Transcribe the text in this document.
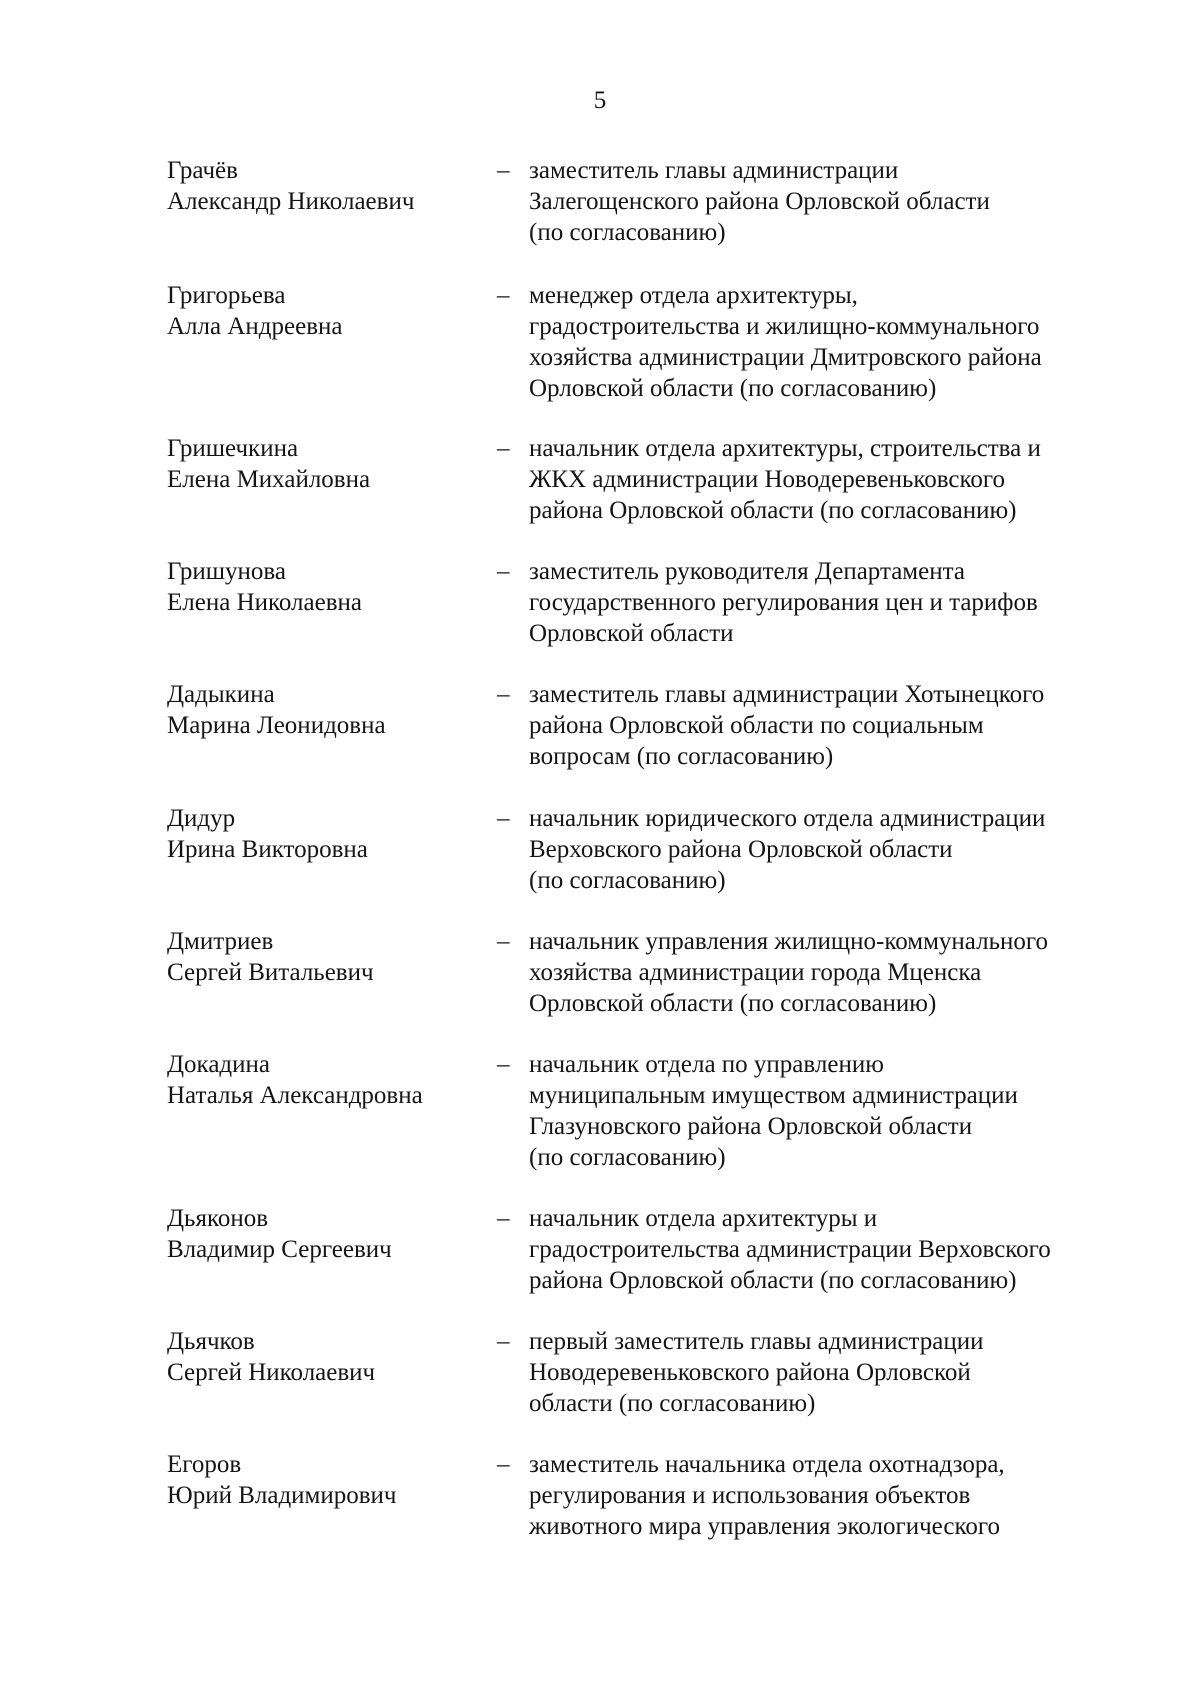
5
Грачёв
Александр Николаевич
– заместитель главы администрации
Залегощенского района Орловской области
(по согласованию)
Григорьева
Алла Андреевна
– менеджер отдела архитектуры,
градостроительства и жилищно-коммунального
хозяйства администрации Дмитровского района
Орловской области (по согласованию)
Гришечкина
Елена Михайловна
– начальник отдела архитектуры, строительства и
ЖКХ администрации Новодеревеньковского
района Орловской области (по согласованию)
Гришунова
Елена Николаевна
– заместитель руководителя Департамента
государственного регулирования цен и тарифов
Орловской области
Дадыкина
Марина Леонидовна
– заместитель главы администрации Хотынецкого
района Орловской области по социальным
вопросам (по согласованию)
Дидур
Ирина Викторовна
– начальник юридического отдела администрации
Верховского района Орловской области
(по согласованию)
Дмитриев
Сергей Витальевич
– начальник управления жилищно-коммунального
хозяйства администрации города Мценска
Орловской области (по согласованию)
Докадина
Наталья Александровна
– начальник отдела по управлению
муниципальным имуществом администрации
Глазуновского района Орловской области
(по согласованию)
Дьяконов
Владимир Сергеевич
– начальник отдела архитектуры и
градостроительства администрации Верховского
района Орловской области (по согласованию)
Дьячков
Сергей Николаевич
– первый заместитель главы администрации
Новодеревеньковского района Орловской
области (по согласованию)
Егоров
Юрий Владимирович
– заместитель начальника отдела охотнадзора,
регулирования и использования объектов
животного мира управления экологического
